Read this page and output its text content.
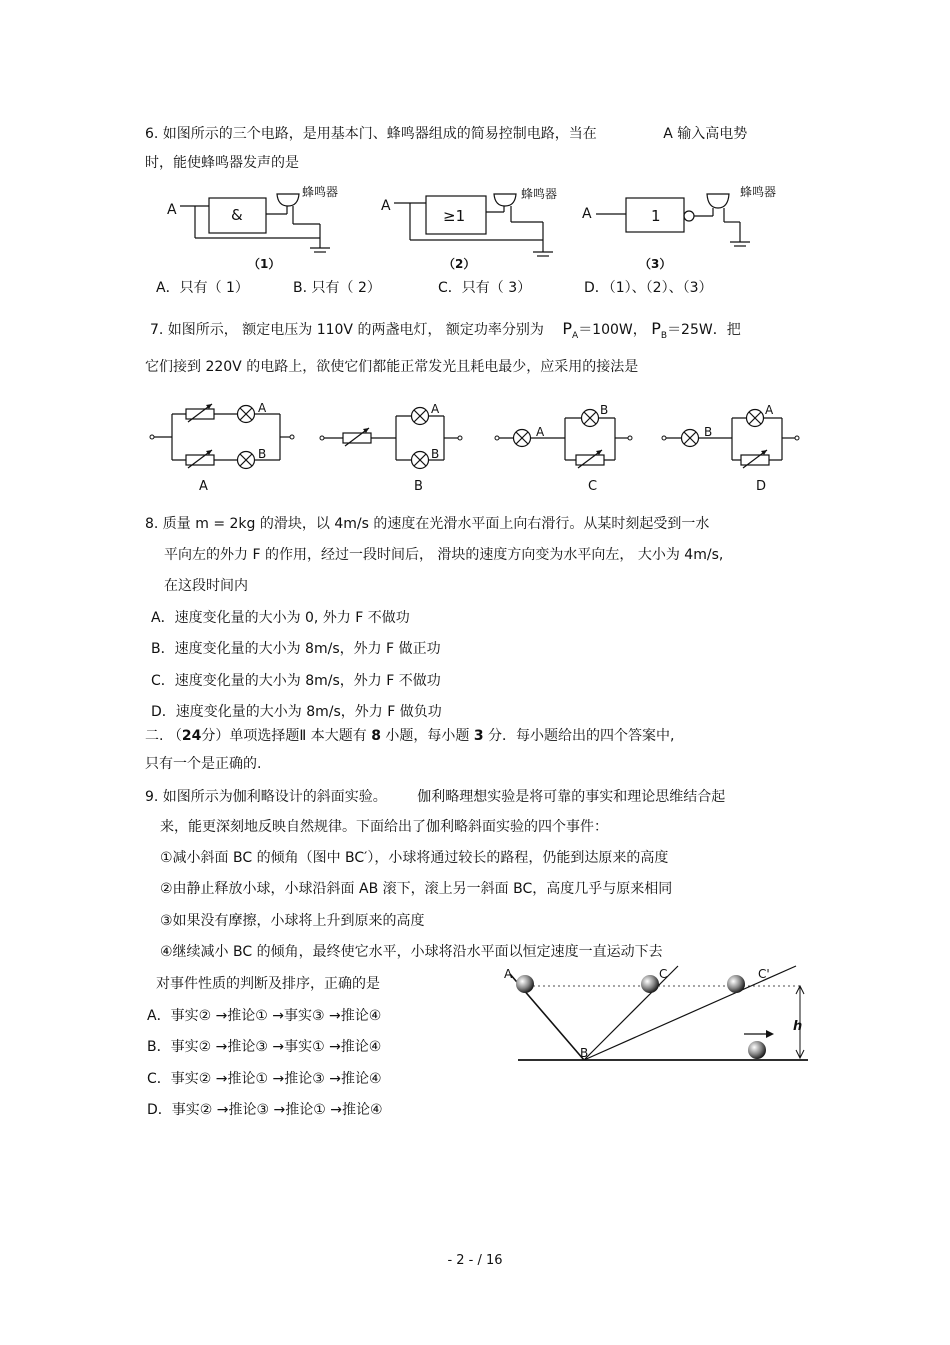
6. 如图所示的三个电路，是用基本门、蜂鸣器组成的简易控制电路，当在	A 输入高电势
时，能使蜂鸣器发声的是
A	&
蜂鸣器
（1）
A
≥1
蜂鸣器
（2）
A	1
蜂鸣器
（3）
A．只有（ 1）	B. 只有（ 2）	C．只有（ 3）	D．（1）、（2）、（3）
7. 如图所示， 额定电压为 110V 的两盏电灯， 额定功率分别为 $P_A=100W$， $P_B=25W$．把
它们接到 220V 的电路上，欲使它们都能正常发光且耗电最少，应采用的接法是
A
B
A
A
B
B
A
B
C
B
A
D
8. 质量 m = 2kg 的滑块，以 4m/s 的速度在光滑水平面上向右滑行。从某时刻起受到一水
平向左的外力 F 的作用，经过一段时间后， 滑块的速度方向变为水平向左， 大小为 4m/s,
在这段时间内
A．速度变化量的大小为 0, 外力 F 不做功
B．速度变化量的大小为 8m/s，外力 F 做正功
C．速度变化量的大小为 8m/s，外力 F 不做功
D．速度变化量的大小为 8m/s，外力 F 做负功
二. （24分）单项选择题Ⅱ 本大题有 8 小题，每小题 3 分．每小题给出的四个答案中,
只有一个是正确的.
9. 如图所示为伽利略设计的斜面实验。 伽利略理想实验是将可靠的事实和理论思维结合起
来，能更深刻地反映自然规律。下面给出了伽利略斜面实验的四个事件：
①减小斜面 BC 的倾角（图中 BC′），小球将通过较长的路程，仍能到达原来的高度
②由静止释放小球，小球沿斜面 AB 滚下，滚上另一斜面 BC，高度几乎与原来相同
③如果没有摩擦，小球将上升到原来的高度
④继续减小 BC 的倾角，最终使它水平，小球将沿水平面以恒定速度一直运动下去
对事件性质的判断及排序，正确的是
A．事实② →推论① →事实③ →推论④
B．事实② →推论③ →事实① →推论④
C．事实② →推论① →推论③ →推论④
D．事实② →推论③ →推论① →推论④
h
A
B
C	C'
- 2 - / 16
